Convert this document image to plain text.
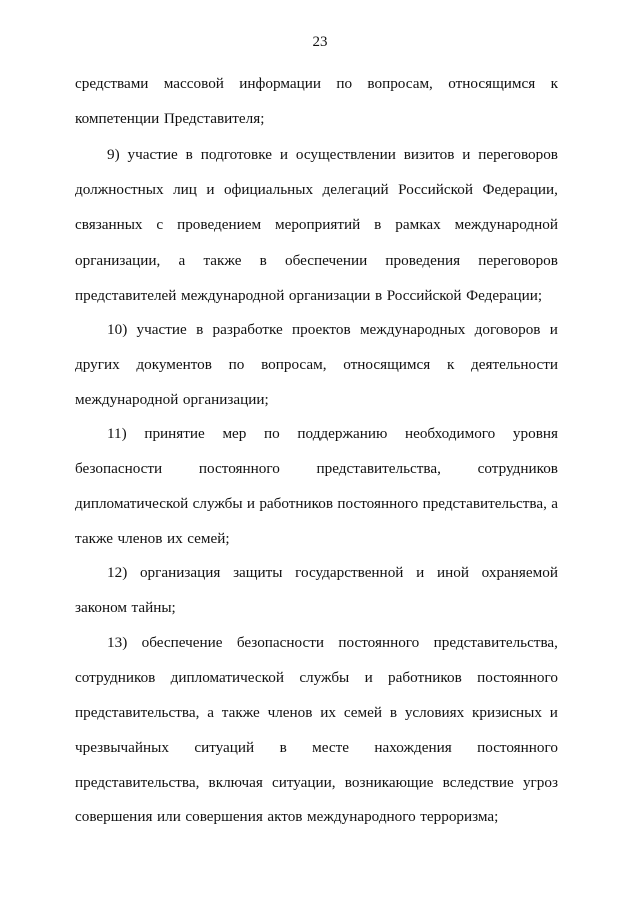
23
средствами массовой информации по вопросам, относящимся к
компетенции Представителя;
9) участие в подготовке и осуществлении визитов и переговоров
должностных лиц и официальных делегаций Российской Федерации,
связанных с проведением мероприятий в рамках международной
организации, а также в обеспечении проведения переговоров
представителей международной организации в Российской Федерации;
10) участие в разработке проектов международных договоров и
других документов по вопросам, относящимся к деятельности
международной организации;
11) принятие мер по поддержанию необходимого уровня
безопасности постоянного представительства, сотрудников
дипломатической службы и работников постоянного представительства, а
также членов их семей;
12) организация защиты государственной и иной охраняемой
законом тайны;
13) обеспечение безопасности постоянного представительства,
сотрудников дипломатической службы и работников постоянного
представительства, а также членов их семей в условиях кризисных и
чрезвычайных ситуаций в месте нахождения постоянного
представительства, включая ситуации, возникающие вследствие угроз
совершения или совершения актов международного терроризма;
